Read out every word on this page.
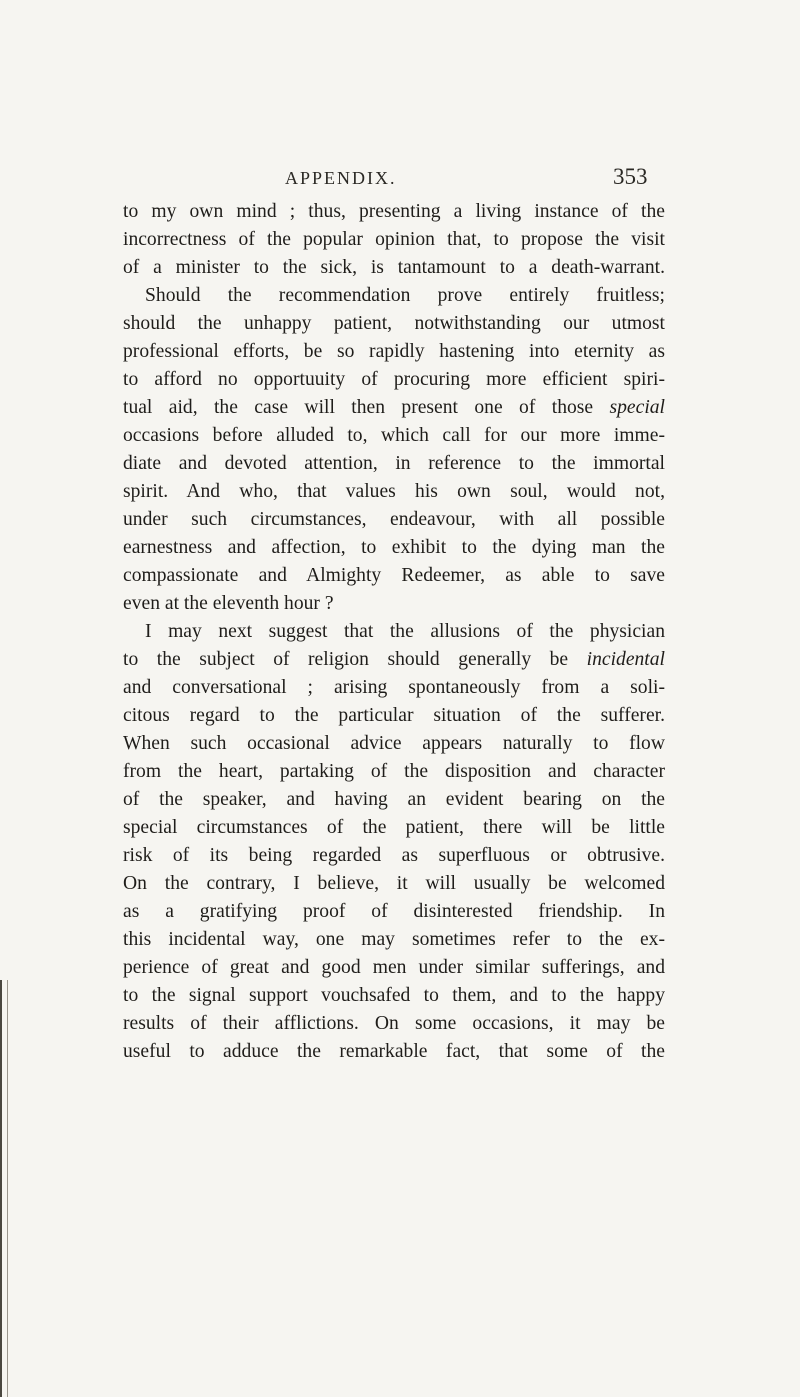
APPENDIX.	353
to my own mind ; thus, presenting a living instance of the
incorrectness of the popular opinion that, to propose the visit
of a minister to the sick, is tantamount to a death-warrant.
Should the recommendation prove entirely fruitless;
should the unhappy patient, notwithstanding our utmost
professional efforts, be so rapidly hastening into eternity as
to afford no opportuuity of procuring more efficient spiri-
tual aid, the case will then present one of those special
occasions before alluded to, which call for our more imme-
diate and devoted attention, in reference to the immortal
spirit. And who, that values his own soul, would not,
under such circumstances, endeavour, with all possible
earnestness and affection, to exhibit to the dying man the
compassionate and Almighty Redeemer, as able to save
even at the eleventh hour ?
I may next suggest that the allusions of the physician
to the subject of religion should generally be incidental
and conversational ; arising spontaneously from a soli-
citous regard to the particular situation of the sufferer.
When such occasional advice appears naturally to flow
from the heart, partaking of the disposition and character
of the speaker, and having an evident bearing on the
special circumstances of the patient, there will be little
risk of its being regarded as superfluous or obtrusive.
On the contrary, I believe, it will usually be welcomed
as a gratifying proof of disinterested friendship. In
this incidental way, one may sometimes refer to the ex-
perience of great and good men under similar sufferings, and
to the signal support vouchsafed to them, and to the happy
results of their afflictions. On some occasions, it may be
useful to adduce the remarkable fact, that some of the
